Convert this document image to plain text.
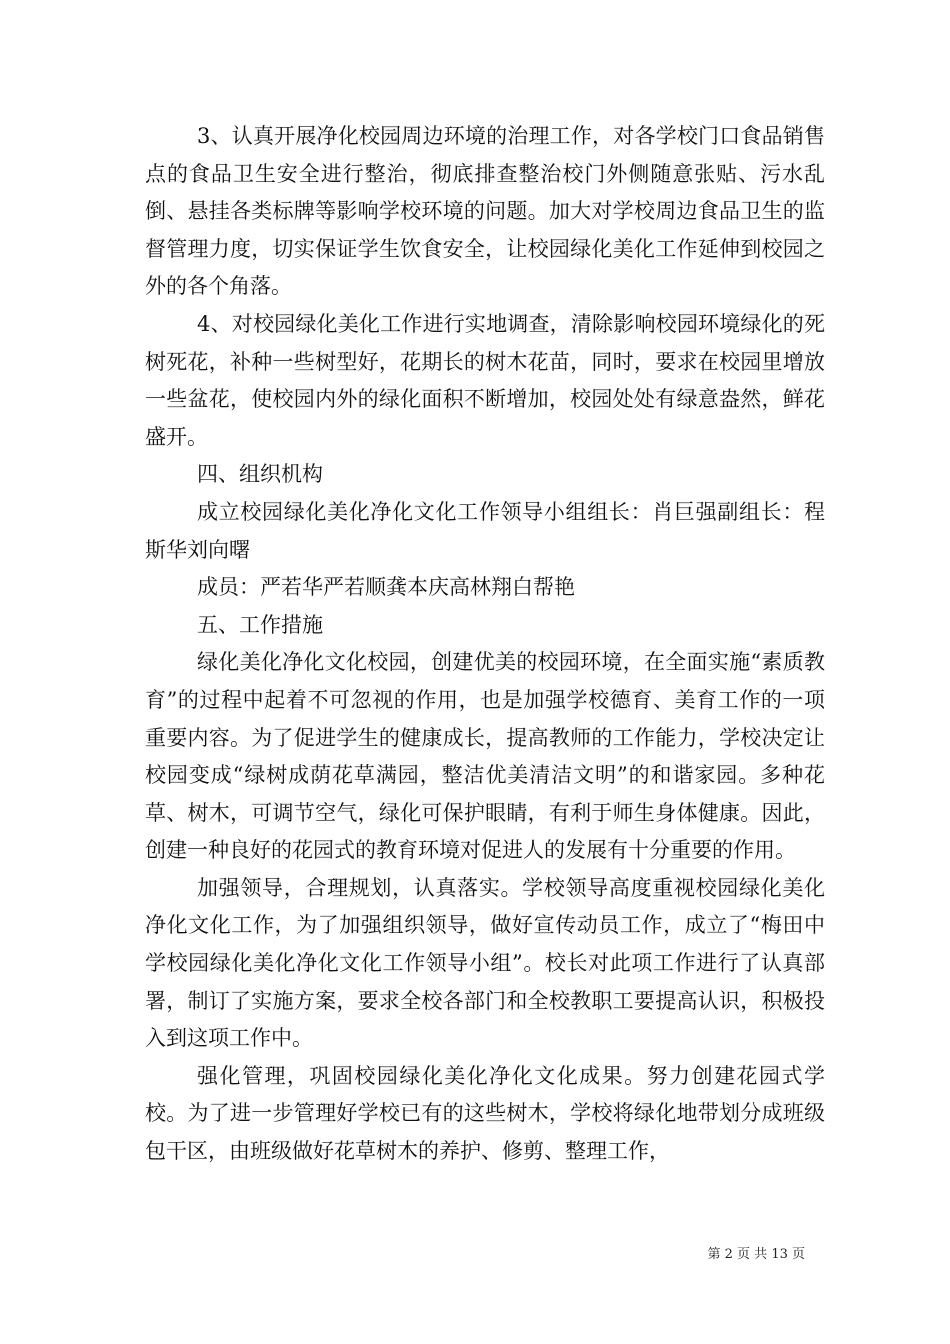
3、认真开展净化校园周边环境的治理工作，对各学校门口食品销售点的食品卫生安全进行整治，彻底排查整治校门外侧随意张贴、污水乱倒、悬挂各类标牌等影响学校环境的问题。加大对学校周边食品卫生的监督管理力度，切实保证学生饮食安全，让校园绿化美化工作延伸到校园之外的各个角落。

4、对校园绿化美化工作进行实地调查，清除影响校园环境绿化的死树死花，补种一些树型好，花期长的树木花苗，同时，要求在校园里增放一些盆花，使校园内外的绿化面积不断增加，校园处处有绿意盎然，鲜花盛开。

四、组织机构

成立校园绿化美化净化文化工作领导小组组长：肖巨强副组长：程斯华刘向曙

成员：严若华严若顺龚本庆高林翔白帮艳

五、工作措施

绿化美化净化文化校园，创建优美的校园环境，在全面实施“素质教育”的过程中起着不可忽视的作用，也是加强学校德育、美育工作的一项重要内容。为了促进学生的健康成长，提高教师的工作能力，学校决定让校园变成“绿树成荫花草满园，整洁优美清洁文明”的和谐家园。多种花草、树木，可调节空气，绿化可保护眼睛，有利于师生身体健康。因此，创建一种良好的花园式的教育环境对促进人的发展有十分重要的作用。

加强领导，合理规划，认真落实。学校领导高度重视校园绿化美化净化文化工作，为了加强组织领导，做好宣传动员工作，成立了“梅田中学校园绿化美化净化文化工作领导小组”。校长对此项工作进行了认真部署，制订了实施方案，要求全校各部门和全校教职工要提高认识，积极投入到这项工作中。

强化管理，巩固校园绿化美化净化文化成果。努力创建花园式学校。为了进一步管理好学校已有的这些树木，学校将绿化地带划分成班级包干区，由班级做好花草树木的养护、修剪、整理工作，

第 2 页 共 13 页
